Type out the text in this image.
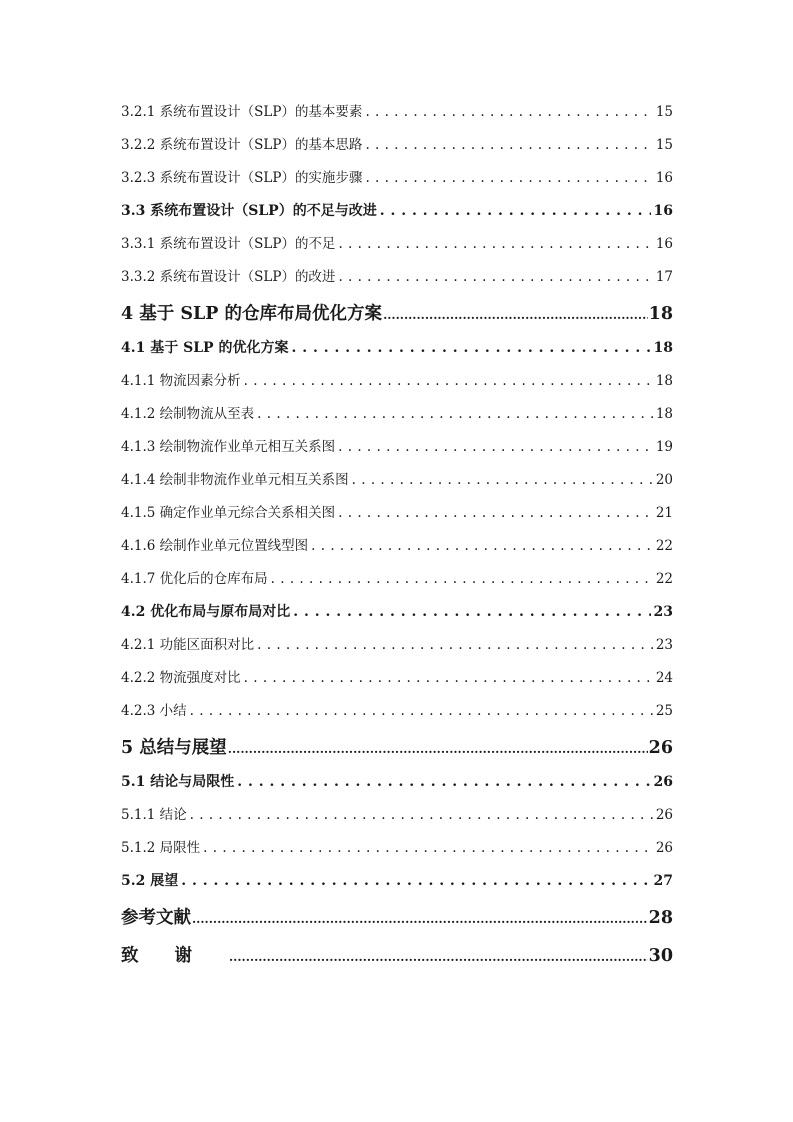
3.2.1 系统布置设计（SLP）的基本要素 . . .	15
3.2.2 系统布置设计（SLP）的基本思路 . . .	15
3.2.3 系统布置设计（SLP）的实施步骤 . . .	16
3.3 系统布置设计（SLP）的不足与改进 . . .	16
3.3.1 系统布置设计（SLP）的不足 . . .	16
3.3.2 系统布置设计（SLP）的改进 . . .	17
4 基于 SLP 的仓库布局优化方案 .....	18
4.1 基于 SLP 的优化方案 . . .	18
4.1.1 物流因素分析 . . .	18
4.1.2 绘制物流从至表 . . .	18
4.1.3 绘制物流作业单元相互关系图 . . .	19
4.1.4 绘制非物流作业单元相互关系图 . . .	20
4.1.5 确定作业单元综合关系相关图 . . .	21
4.1.6 绘制作业单元位置线型图 . . .	22
4.1.7 优化后的仓库布局 . . .	22
4.2 优化布局与原布局对比 . . .	23
4.2.1 功能区面积对比 . . .	23
4.2.2 物流强度对比 . . .	24
4.2.3 小结 . . .	25
5 总结与展望 .....	26
5.1 结论与局限性 . . .	26
5.1.1 结论 . . .	26
5.1.2 局限性 . . .	26
5.2 展望 . . .	27
参考文献 .....	28
致谢 .....	30
